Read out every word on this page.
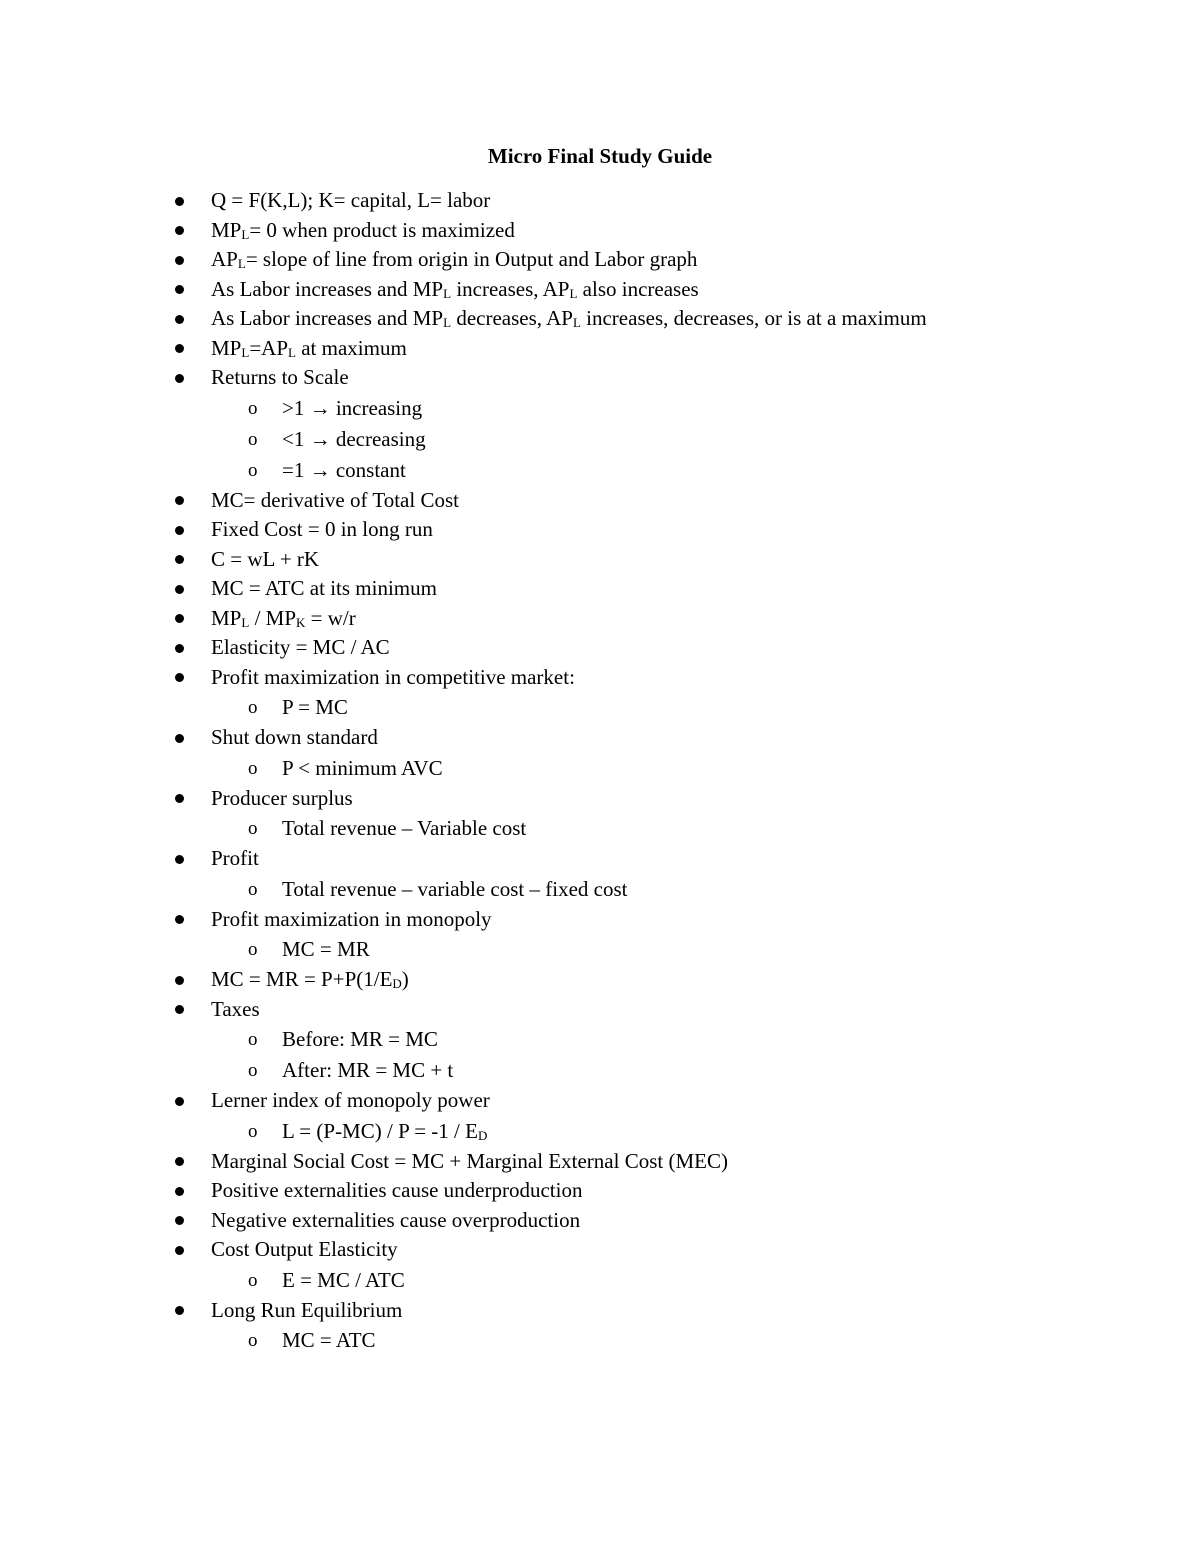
Micro Final Study Guide
Q = F(K,L); K= capital, L= labor
$MP_L= 0$ when product is maximized
$AP_L=$ slope of line from origin in Output and Labor graph
As Labor increases and $MP_L$ increases, $AP_L$ also increases
As Labor increases and $MP_L$ decreases, $AP_L$ increases, decreases, or is at a maximum
$MP_L=AP_L$ at maximum
Returns to Scale
o >1 → increasing
o <1 → decreasing
o =1 → constant
MC= derivative of Total Cost
Fixed Cost = 0 in long run
C = wL + rK
MC = ATC at its minimum
$MP_L / MP_K = w/r$
Elasticity = MC / AC
Profit maximization in competitive market:
o P = MC
Shut down standard
o P < minimum AVC
Producer surplus
o Total revenue – Variable cost
Profit
o Total revenue – variable cost – fixed cost
Profit maximization in monopoly
o MC = MR
MC = MR = $P+P(1/E_D)$
Taxes
o Before: MR = MC
o After: MR = MC + t
Lerner index of monopoly power
o $L = (P-MC) / P = -1 / E_D$
Marginal Social Cost = MC + Marginal External Cost (MEC)
Positive externalities cause underproduction
Negative externalities cause overproduction
Cost Output Elasticity
o E = MC / ATC
Long Run Equilibrium
o MC = ATC
